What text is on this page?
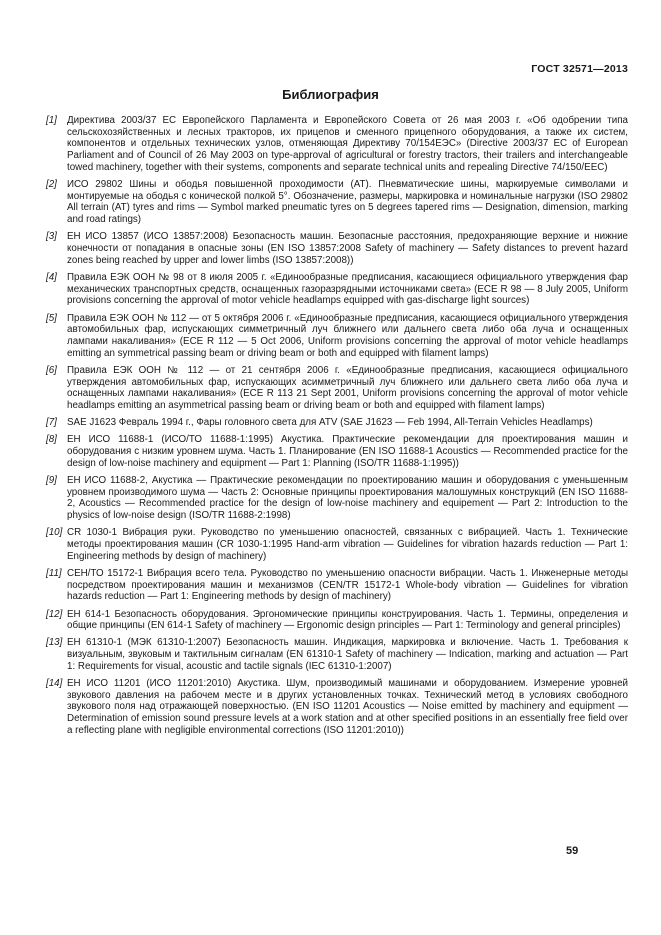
ГОСТ 32571—2013
Библиография
[1]	Директива 2003/37 ЕС Европейского Парламента и Европейского Совета от 26 мая 2003 г. «Об одобрении типа сельскохозяйственных и лесных тракторов, их прицепов и сменного прицепного оборудования, а также их систем, компонентов и отдельных технических узлов, отменяющая Директиву 70/154ЕЭС» (Directive 2003/37 EC of European Parliament and of Council of 26 May 2003 on type-approval of agricultural or forestry tractors, their trailers and interchangeable towed machinery, together with their systems, components and separate technical units and repealing Directive 74/150/EEC)
[2]	ИСО 29802 Шины и ободья повышенной проходимости (АТ). Пневматические шины, маркируемые символами и монтируемые на ободья с конической полкой 5°. Обозначение, размеры, маркировка и номинальные нагрузки (ISO 29802 All terrain (AT) tyres and rims — Symbol marked pneumatic tyres on 5 degrees tapered rims — Designation, dimension, marking and road ratings)
[3]	ЕН ИСО 13857 (ИСО 13857:2008) Безопасность машин. Безопасные расстояния, предохраняющие верхние и нижние конечности от попадания в опасные зоны (EN ISO 13857:2008 Safety of machinery — Safety distances to prevent hazard zones being reached by upper and lower limbs (ISO 13857:2008))
[4]	Правила ЕЭК ООН № 98 от 8 июля 2005 г. «Единообразные предписания, касающиеся официального утверждения фар механических транспортных средств, оснащенных газоразрядными источниками света» (ECE R 98 — 8 July 2005, Uniform provisions concerning the approval of motor vehicle headlamps equipped with gas-discharge light sources)
[5]	Правила ЕЭК ООН № 112 — от 5 октября 2006 г. «Единообразные предписания, касающиеся официального утверждения автомобильных фар, испускающих симметричный луч ближнего или дальнего света либо оба луча и оснащенных лампами накаливания» (ECE R 112 — 5 Oct 2006, Uniform provisions concerning the approval of motor vehicle headlamps emitting an symmetrical passing beam or driving beam or both and equipped with filament lamps)
[6]	Правила ЕЭК ООН № 112 — от 21 сентября 2006 г. «Единообразные предписания, касающиеся официального утверждения автомобильных фар, испускающих асимметричный луч ближнего или дальнего света либо оба луча и оснащенных лампами накаливания» (ECE R 113 21 Sept 2001, Uniform provisions concerning the approval of motor vehicle headlamps emitting an asymmetrical passing beam or driving beam or both and equipped with filament lamps)
[7]	SAE J1623 Февраль 1994 г., Фары головного света для ATV (SAE J1623 — Feb 1994, All-Terrain Vehicles Headlamps)
[8]	ЕН ИСО 11688-1 (ИСО/ТО 11688-1:1995) Акустика. Практические рекомендации для проектирования машин и оборудования с низким уровнем шума. Часть 1. Планирование (EN ISO 11688-1 Acoustics — Recommended practice for the design of low-noise machinery and equipment — Part 1: Planning (ISO/TR 11688-1:1995))
[9]	ЕН ИСО 11688-2, Акустика — Практические рекомендации по проектированию машин и оборудования с уменьшенным уровнем производимого шума — Часть 2: Основные принципы проектирования малошумных конструкций (EN ISO 11688-2, Acoustics — Recommended practice for the design of low-noise machinery and equipement — Part 2: Introduction to the physics of low-noise design (ISO/TR 11688-2:1998)
[10] CR 1030-1 Вибрация руки. Руководство по уменьшению опасностей, связанных с вибрацией. Часть 1. Технические методы проектирования машин (CR 1030-1:1995 Hand-arm vibration — Guidelines for vibration hazards reduction — Part 1: Engineering methods by design of machinery)
[11] СЕН/ТО 15172-1 Вибрация всего тела. Руководство по уменьшению опасности вибрации. Часть 1. Инженерные методы посредством проектирования машин и механизмов (CEN/TR 15172-1 Whole-body vibration — Guidelines for vibration hazards reduction — Part 1: Engineering methods by design of machinery)
[12] ЕН 614-1 Безопасность оборудования. Эргономические принципы конструирования. Часть 1. Термины, определения и общие принципы (EN 614-1 Safety of machinery — Ergonomic design principles — Part 1: Terminology and general principles)
[13] ЕН 61310-1 (МЭК 61310-1:2007) Безопасность машин. Индикация, маркировка и включение. Часть 1. Требования к визуальным, звуковым и тактильным сигналам (EN 61310-1 Safety of machinery — Indication, marking and actuation — Part 1: Requirements for visual, acoustic and tactile signals (IEC 61310-1:2007)
[14] ЕН ИСО 11201 (ИСО 11201:2010) Акустика. Шум, производимый машинами и оборудованием. Измерение уровней звукового давления на рабочем месте и в других установленных точках. Технический метод в условиях свободного звукового поля над отражающей поверхностью. (EN ISO 11201 Acoustics — Noise emitted by machinery and equipment — Determination of emission sound pressure levels at a work station and at other specified positions in an essentially free field over a reflecting plane with negligible environmental corrections (ISO 11201:2010))
59
